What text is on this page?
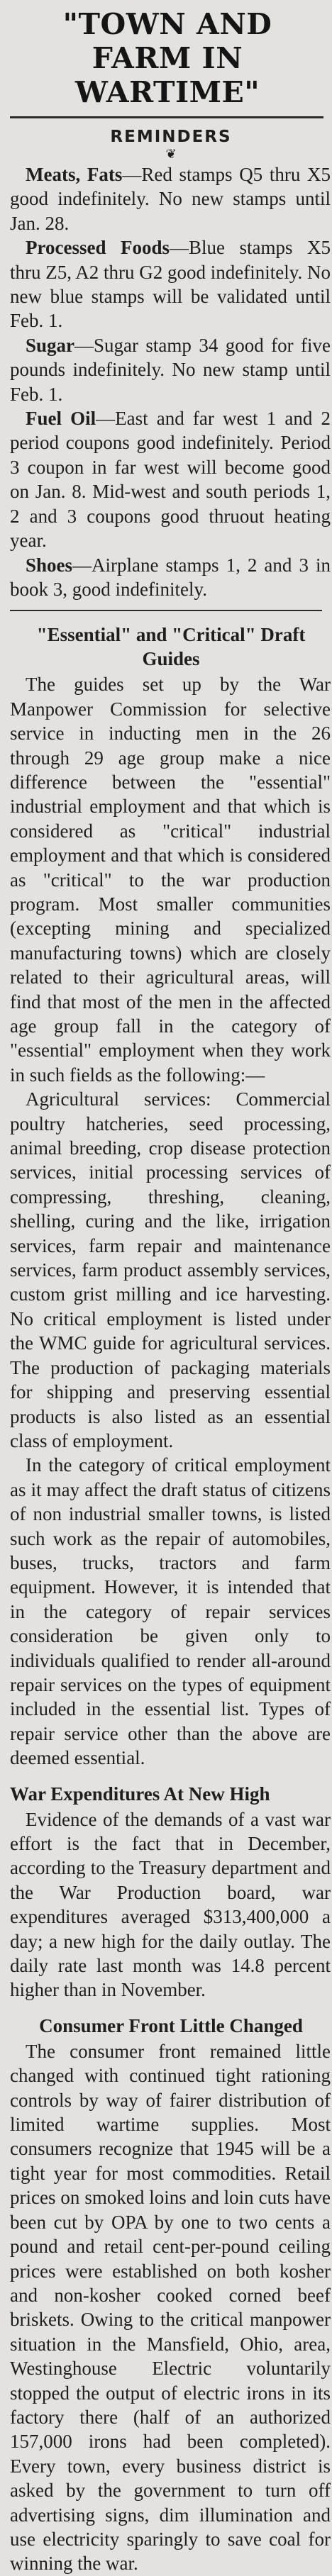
"TOWN AND FARM IN WARTIME"
REMINDERS
❦

Meats, Fats—Red stamps Q5 thru X5 good indefinitely. No new stamps until Jan. 28.

Processed Foods—Blue stamps X5 thru Z5, A2 thru G2 good indefinitely. No new blue stamps will be validated until Feb. 1.

Sugar—Sugar stamp 34 good for five pounds indefinitely. No new stamp until Feb. 1.

Fuel Oil—East and far west 1 and 2 period coupons good indefinitely. Period 3 coupon in far west will become good on Jan. 8. Mid-west and south periods 1, 2 and 3 coupons good thruout heating year.

Shoes—Airplane stamps 1, 2 and 3 in book 3, good indefinitely.

"Essential" and "Critical" Draft Guides

The guides set up by the War Manpower Commission for selective service in inducting men in the 26 through 29 age group make a nice difference between the "essential" industrial employment and that which is considered as "critical" industrial employment and that which is considered as "critical" to the war production program. Most smaller communities (excepting mining and specialized manufacturing towns) which are closely related to their agricultural areas, will find that most of the men in the affected age group fall in the category of "essential" employment when they work in such fields as the following:—

Agricultural services: Commercial poultry hatcheries, seed processing, animal breeding, crop disease protection services, initial processing services of compressing, threshing, cleaning, shelling, curing and the like, irrigation services, farm repair and maintenance services, farm product assembly services, custom grist milling and ice harvesting. No critical employment is listed under the WMC guide for agricultural services. The production of packaging materials for shipping and preserving essential products is also listed as an essential class of employment.

In the category of critical employment as it may affect the draft status of citizens of non industrial smaller towns, is listed such work as the repair of automobiles, buses, trucks, tractors and farm equipment. However, it is intended that in the category of repair services consideration be given only to individuals qualified to render all-around repair services on the types of equipment included in the essential list. Types of repair service other than the above are deemed essential.

War Expenditures At New High

Evidence of the demands of a vast war effort is the fact that in December, according to the Treasury department and the War Production board, war expenditures averaged $313,400,000 a day; a new high for the daily outlay. The daily rate last month was 14.8 percent higher than in November.

Consumer Front Little Changed

The consumer front remained little changed with continued tight rationing controls by way of fairer distribution of limited wartime supplies. Most consumers recognize that 1945 will be a tight year for most commodities. Retail prices on smoked loins and loin cuts have been cut by OPA by one to two cents a pound and retail cent-per-pound ceiling prices were established on both kosher and non-kosher cooked corned beef briskets. Owing to the critical manpower situation in the Mansfield, Ohio, area, Westinghouse Electric voluntarily stopped the output of electric irons in its factory there (half of an authorized 157,000 irons had been completed). Every town, every business district is asked by the government to turn off advertising signs, dim illumination and use electricity sparingly to save coal for winning the war.
